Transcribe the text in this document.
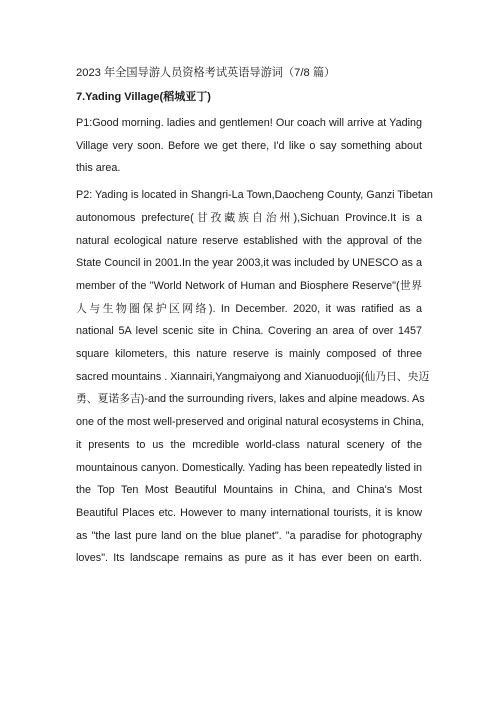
2023 年全国导游人员资格考试英语导游词（7/8 篇）
7.Yading Village(稻城亚丁)
P1:Good morning. ladies and gentlemen! Our coach will arrive at Yading
Village very soon. Before we get there, I'd like o say something about
this area.
P2: Yading is located in Shangri-La Town,Daocheng County, Ganzi Tibetan
autonomous prefecture(甘孜藏族自治州),Sichuan Province.It is a
natural ecological nature reserve established with the approval of the
State Council in 2001.In the year 2003,it was included by UNESCO as a
member of the "World Network of Human and Biosphere Reserve"(世界
人与生物圈保护区网络). In December. 2020, it was ratified as a
national 5A level scenic site in China. Covering an area of over 1457
square kilometers, this nature reserve is mainly composed of three
sacred mountains . Xiannairi,Yangmaiyong and Xianuoduoji(仙乃日、央迈
勇、夏诺多吉)-and the surrounding rivers, lakes and alpine meadows. As
one of the most well-preserved and original natural ecosystems in China,
it presents to us the mcredible world-class natural scenery of the
mountainous canyon. Domestically. Yading has been repeatedly listed in
the Top Ten Most Beautiful Mountains in China, and China's Most
Beautiful Places etc. However to many international tourists, it is know
as "the last pure land on the blue planet". "a paradise for photography
loves". Its landscape remains as pure as it has ever been on earth.
